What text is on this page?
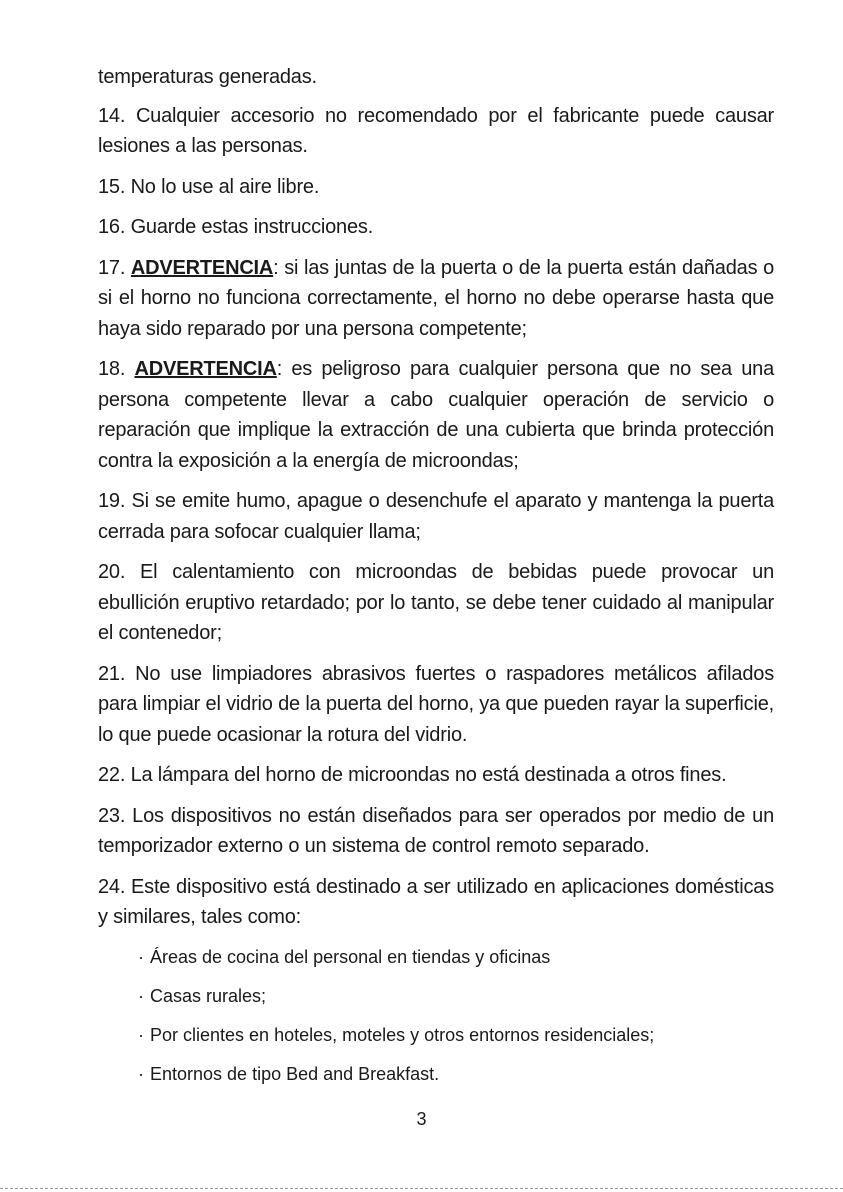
temperaturas generadas.

14. Cualquier accesorio no recomendado por el fabricante puede causar lesiones a las personas.

15. No lo use al aire libre.

16. Guarde estas instrucciones.

17. ADVERTENCIA: si las juntas de la puerta o de la puerta están dañadas o si el horno no funciona correctamente, el horno no debe operarse hasta que haya sido reparado por una persona competente;

18. ADVERTENCIA: es peligroso para cualquier persona que no sea una persona competente llevar a cabo cualquier operación de servicio o reparación que implique la extracción de una cubierta que brinda protección contra la exposición a la energía de microondas;

19. Si se emite humo, apague o desenchufe el aparato y mantenga la puerta cerrada para sofocar cualquier llama;

20. El calentamiento con microondas de bebidas puede provocar un ebullición eruptivo retardado; por lo tanto, se debe tener cuidado al manipular el contenedor;

21. No use limpiadores abrasivos fuertes o raspadores metálicos afilados para limpiar el vidrio de la puerta del horno, ya que pueden rayar la superficie, lo que puede ocasionar la rotura del vidrio.

22. La lámpara del horno de microondas no está destinada a otros fines.

23. Los dispositivos no están diseñados para ser operados por medio de un temporizador externo o un sistema de control remoto separado.

24. Este dispositivo está destinado a ser utilizado en aplicaciones domésticas y similares, tales como:

· Áreas de cocina del personal en tiendas y oficinas
· Casas rurales;
· Por clientes en hoteles, moteles y otros entornos residenciales;
· Entornos de tipo Bed and Breakfast.
3
